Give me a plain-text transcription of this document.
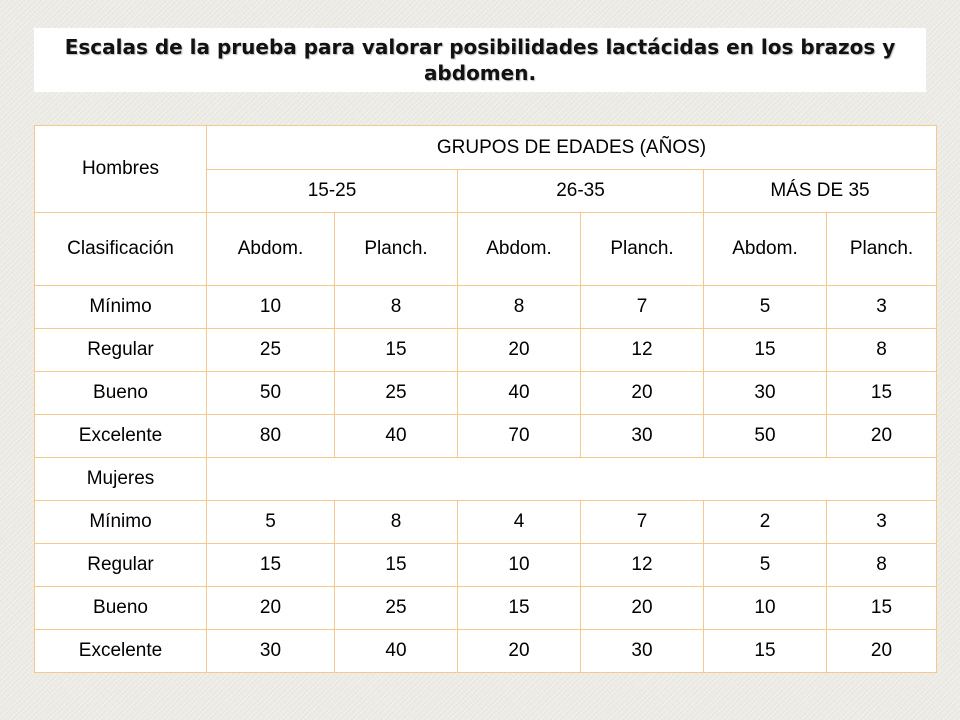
Escalas de la prueba para valorar posibilidades lactácidas en los brazos y abdomen.
Hombres	GRUPOS DE EDADES (AÑOS)					
	15-25		26-35		MÁS DE 35	
Clasificación	Abdom.	Planch.	Abdom.	Planch.	Abdom.	Planch.
Mínimo	10	8	8	7	5	3
Regular	25	15	20	12	15	8
Bueno	50	25	40	20	30	15
Excelente	80	40	70	30	50	20
Mujeres						
Mínimo	5	8	4	7	2	3
Regular	15	15	10	12	5	8
Bueno	20	25	15	20	10	15
Excelente	30	40	20	30	15	20
